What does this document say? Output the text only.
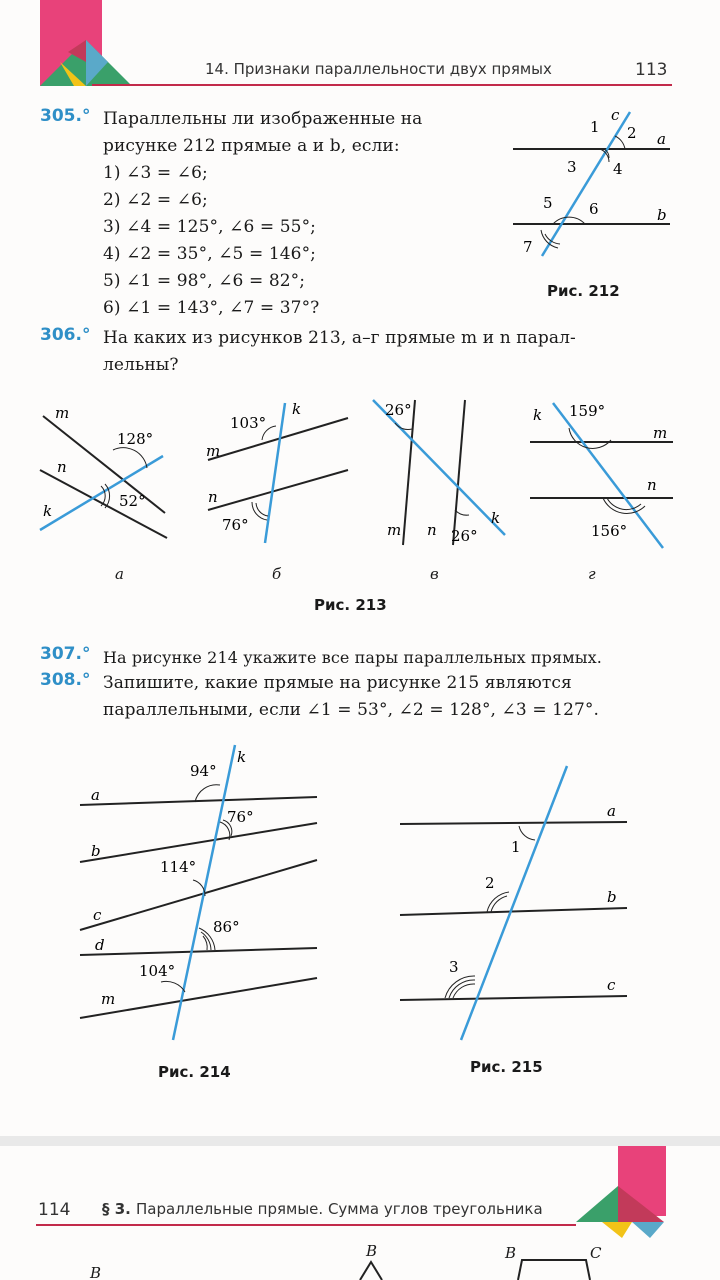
14. Признаки параллельности двух прямых	113
305.° Параллельны ли изображенные на
рисунке 212 прямые a и b, если:
1) ∠3 = ∠6;
2) ∠2 = ∠6;
3) ∠4 = 125°, ∠6 = 55°;
4) ∠2 = 35°, ∠5 = 146°;
5) ∠1 = 98°, ∠6 = 82°;
6) ∠1 = 143°, ∠7 = 37°?
c
a
b
1 2
3 4
5 6
7
Рис. 212
306.° На каких из рисунков 213, а–г прямые m и n парал-
лельны?
m
n
k
128°
52°
а
103°
k
m
n
76°
б
26°
m n 26°
k
в
k 159°
m
n
156°
г
Рис. 213
307.° На рисунке 214 укажите все пары параллельных прямых.
308.° Запишите, какие прямые на рисунке 215 являются
параллельными, если ∠1 = 53°, ∠2 = 128°, ∠3 = 127°.
94°
k
a
76°
b
114°
c
86°
d
104°
m
Рис. 214
a
1
2
b
3
c
Рис. 215
114 § 3. Параллельные прямые. Сумма углов треугольника
B
B	B	C
